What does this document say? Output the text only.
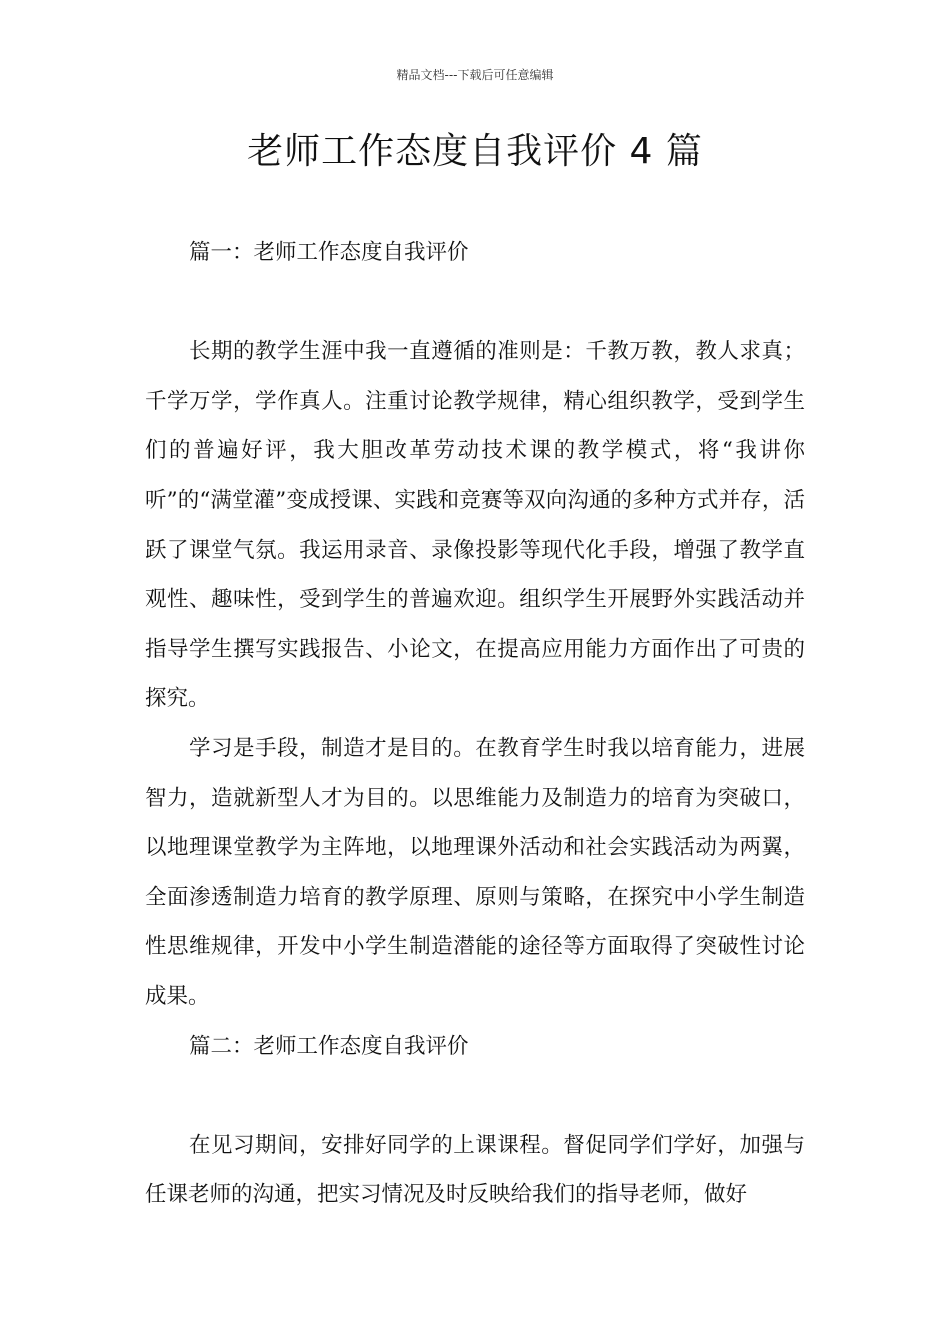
精品文档---下载后可任意编辑
老师工作态度自我评价 4 篇
篇一：老师工作态度自我评价

长期的教学生涯中我一直遵循的准则是：千教万教，教人求真；千学万学，学作真人。注重讨论教学规律，精心组织教学，受到学生们的普遍好评，我大胆改革劳动技术课的教学模式，将“我讲你听”的“满堂灌”变成授课、实践和竞赛等双向沟通的多种方式并存，活跃了课堂气氛。我运用录音、录像投影等现代化手段，增强了教学直观性、趣味性，受到学生的普遍欢迎。组织学生开展野外实践活动并指导学生撰写实践报告、小论文，在提高应用能力方面作出了可贵的探究。

学习是手段，制造才是目的。在教育学生时我以培育能力，进展智力，造就新型人才为目的。以思维能力及制造力的培育为突破口，以地理课堂教学为主阵地，以地理课外活动和社会实践活动为两翼，全面渗透制造力培育的教学原理、原则与策略，在探究中小学生制造性思维规律，开发中小学生制造潜能的途径等方面取得了突破性讨论成果。

篇二：老师工作态度自我评价

在见习期间，安排好同学的上课课程。督促同学们学好，加强与任课老师的沟通，把实习情况及时反映给我们的指导老师，做好
